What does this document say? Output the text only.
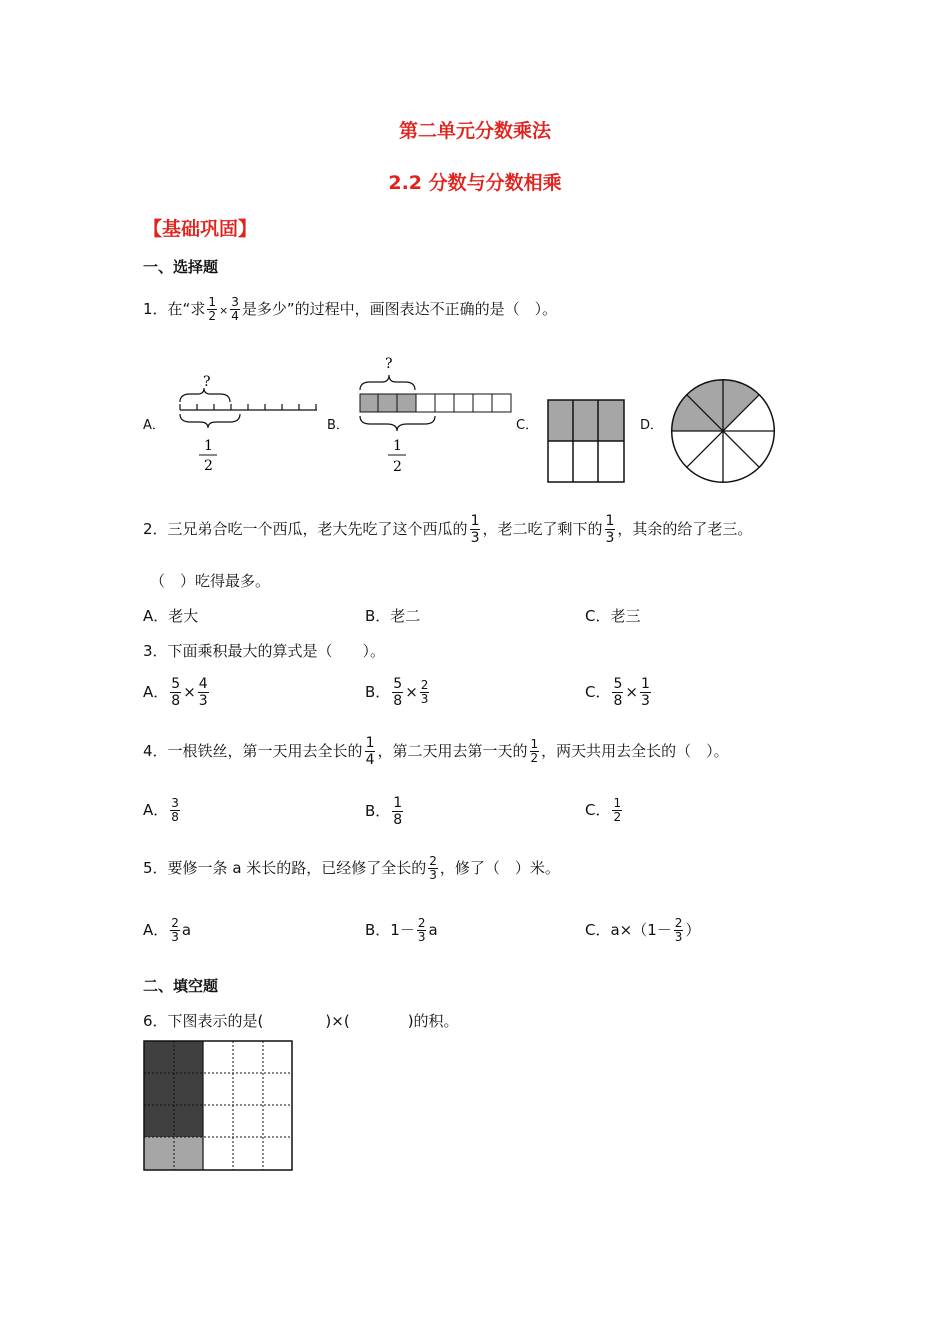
第二单元分数乘法
2.2 分数与分数相乘
【基础巩固】
一、选择题
1．在“求 $\frac{1}{2} \times \frac{3}{4}$ 是多少”的过程中，画图表达不正确的是（　）。
A．	B．	C．	D．
?
1
2
?
1
2
2．三兄弟合吃一个西瓜，老大先吃了这个西瓜的 $\frac{1}{3}$ ，老二吃了剩下的 $\frac{1}{3}$ ，其余的给了老三。
（　）吃得最多。
A．老大	B．老二	C．老三
3．下面乘积最大的算式是（　　）。
A． $\frac{5}{8} \times \frac{4}{3}$	B． $\frac{5}{8} \times \frac{2}{3}$	C． $\frac{5}{8} \times \frac{1}{3}$
4．一根铁丝，第一天用去全长的 $\frac{1}{4}$ ，第二天用去第一天的 $\frac{1}{2}$ ，两天共用去全长的（　）。
A． $\frac{3}{8}$	B． $\frac{1}{8}$	C． $\frac{1}{2}$
5．要修一条 a 米长的路，已经修了全长的 $\frac{2}{3}$ ，修了（　）米。
A． $\frac{2}{3}$ a	B．$1- \frac{2}{3}$ a	C．$a\times(1- \frac{2}{3}$ ）
二、填空题
6．下图表示的是(	)×(	)的积。
